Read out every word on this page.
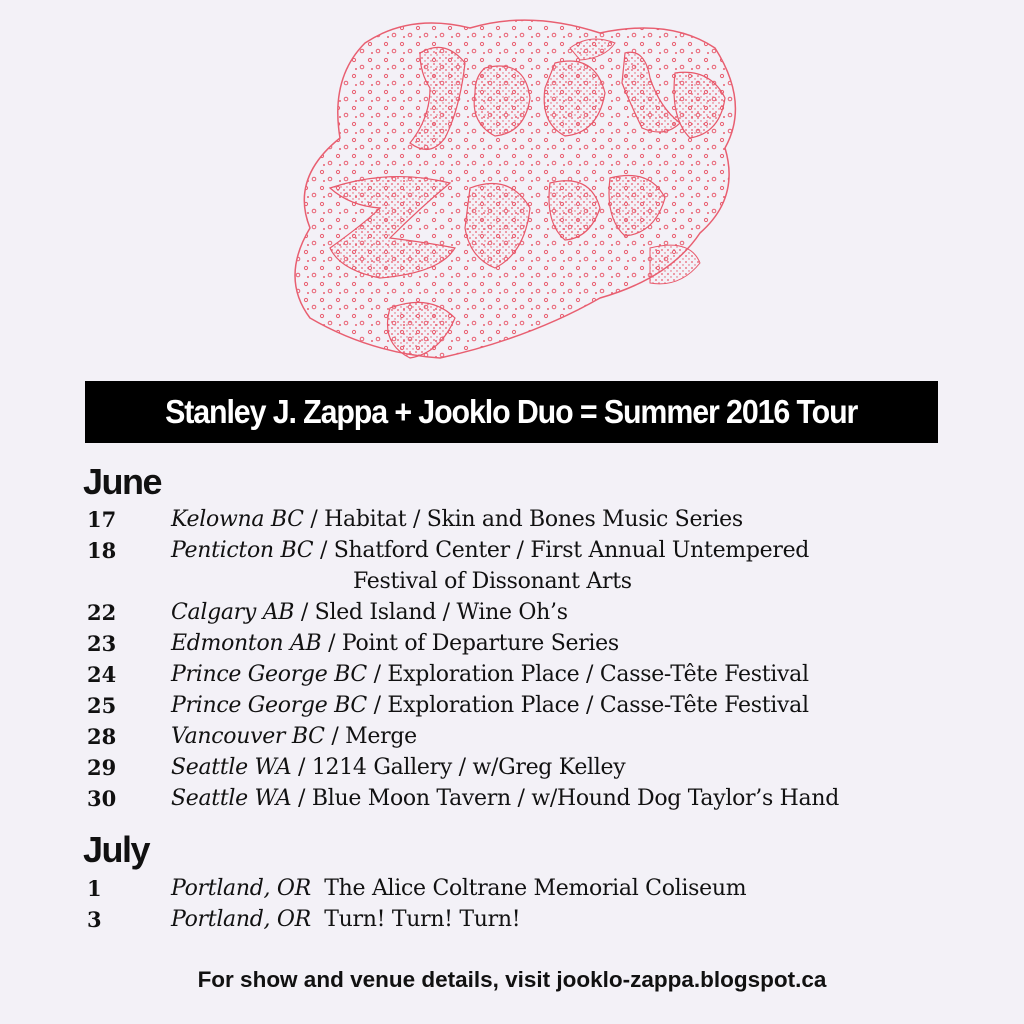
Stanley J. Zappa + Jooklo Duo = Summer 2016 Tour
June
17 Kelowna BC / Habitat / Skin and Bones Music Series
18 Penticton BC / Shatford Center / First Annual Untempered
Festival of Dissonant Arts
22 Calgary AB / Sled Island / Wine Oh’s
23 Edmonton AB / Point of Departure Series
24 Prince George BC / Exploration Place / Casse-Tête Festival
25 Prince George BC / Exploration Place / Casse-Tête Festival
28 Vancouver BC / Merge
29 Seattle WA / 1214 Gallery / w/Greg Kelley
30 Seattle WA / Blue Moon Tavern / w/Hound Dog Taylor’s Hand
July
1	Portland, OR  The Alice Coltrane Memorial Coliseum
3	Portland, OR  Turn! Turn! Turn!
For show and venue details, visit jooklo-zappa.blogspot.ca
